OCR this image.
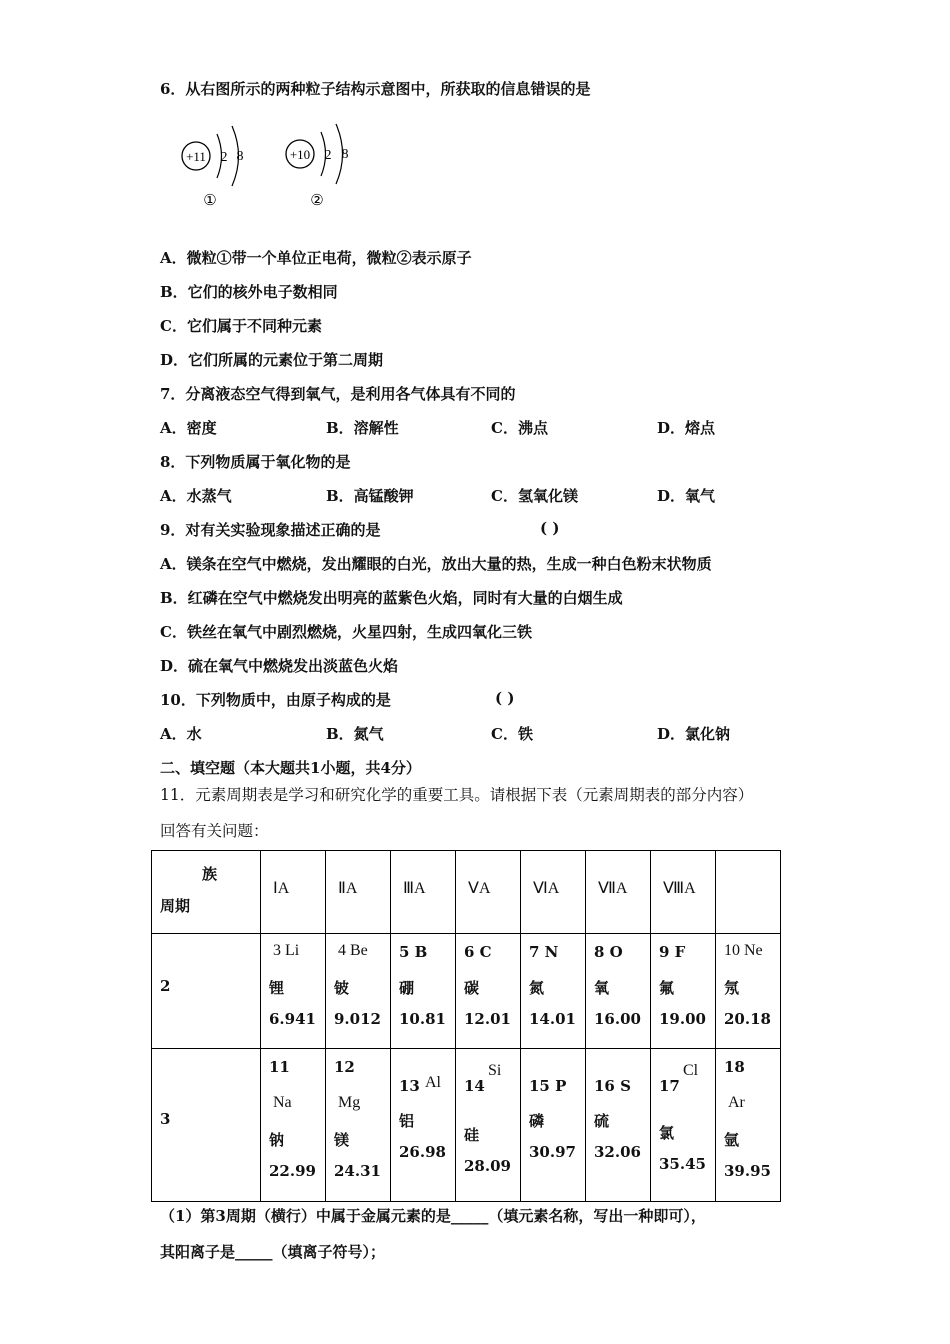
6．从右图所示的两种粒子结构示意图中，所获取的信息错误的是
+11 2 8
①
+10 2 8
②
A．微粒①带一个单位正电荷，微粒②表示原子
B．它们的核外电子数相同
C．它们属于不同种元素
D．它们所属的元素位于第二周期
7．分离液态空气得到氧气，是利用各气体具有不同的
A．密度	B．溶解性	C．沸点	D．熔点
8．下列物质属于氧化物的是
A．水蒸气	B．高锰酸钾	C．氢氧化镁	D．氧气
9．对有关实验现象描述正确的是	( )
A．镁条在空气中燃烧，发出耀眼的白光，放出大量的热，生成一种白色粉末状物质
B．红磷在空气中燃烧发出明亮的蓝紫色火焰，同时有大量的白烟生成
C．铁丝在氧气中剧烈燃烧，火星四射，生成四氧化三铁
D．硫在氧气中燃烧发出淡蓝色火焰
10．下列物质中，由原子构成的是	( )
A．水	B．氮气	C．铁	D．氯化钠
二、填空题（本大题共1小题，共4分）
11．元素周期表是学习和研究化学的重要工具。请根据下表（元素周期表的部分内容）
回答有关问题：
族
周期	ⅠA	ⅡA	ⅢA	ⅤA	ⅥA	ⅦA	ⅧA	

2	3 Li
锂
6.941	4 Be
铍
9.012	5 B
硼
10.81	6 C
碳
12.01	7 N
氮
14.01	8 O
氧
16.00	9 F
氟
19.00	10 Ne
氖
20.18

3	11
Na
钠
22.99	12
Mg
镁
24.31	13 Al
铝
26.98	14
Si
硅
28.09	15 P
磷
30.97	16 S
硫
32.06	17
Cl
氯
35.45	18
Ar
氩
39.95
（1）第3周期（横行）中属于金属元素的是_____（填元素名称，写出一种即可），
其阳离子是_____（填离子符号）；
